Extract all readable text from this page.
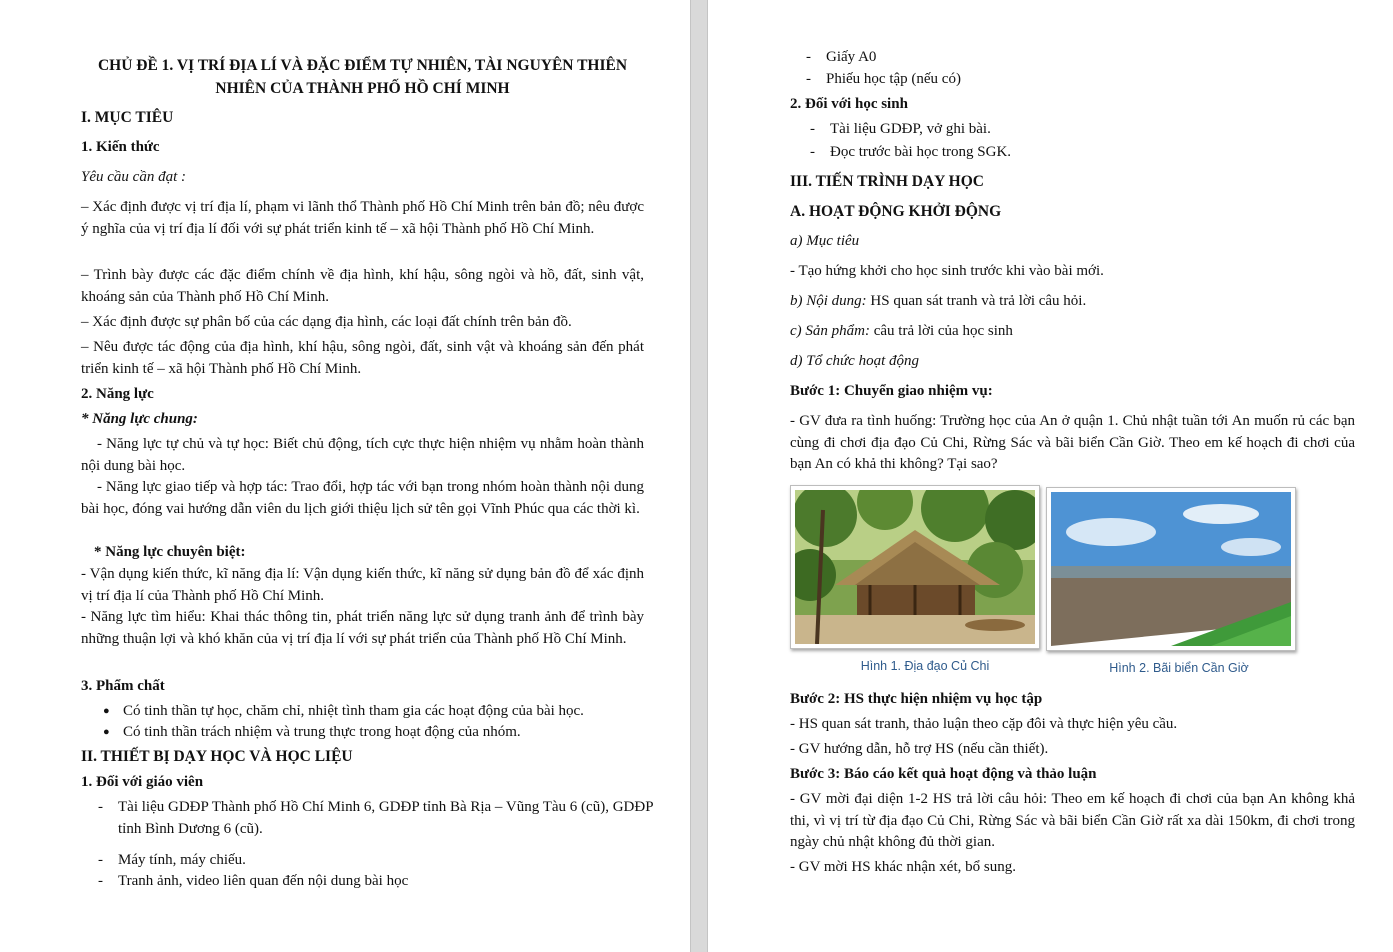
CHỦ ĐỀ 1. VỊ TRÍ ĐỊA LÍ VÀ ĐẶC ĐIỂM TỰ NHIÊN, TÀI NGUYÊN THIÊN
NHIÊN CỦA THÀNH PHỐ HỒ CHÍ MINH
I. MỤC TIÊU
1. Kiến thức
Yêu cầu cần đạt :
– Xác định được vị trí địa lí, phạm vi lãnh thổ Thành phố Hồ Chí Minh trên bản đồ; nêu được ý nghĩa của vị trí địa lí đối với sự phát triển kinh tế – xã hội Thành phố Hồ Chí Minh.
– Trình bày được các đặc điểm chính về địa hình, khí hậu, sông ngòi và hồ, đất, sinh vật, khoáng sản của Thành phố Hồ Chí Minh.
– Xác định được sự phân bố của các dạng địa hình, các loại đất chính trên bản đồ.
– Nêu được tác động của địa hình, khí hậu, sông ngòi, đất, sinh vật và khoáng sản đến phát triển kinh tế – xã hội Thành phố Hồ Chí Minh.
2. Năng lực
* Năng lực chung:
- Năng lực tự chủ và tự học: Biết chủ động, tích cực thực hiện nhiệm vụ nhằm hoàn thành nội dung bài học.
- Năng lực giao tiếp và hợp tác: Trao đổi, hợp tác với bạn trong nhóm hoàn thành nội dung bài học, đóng vai hướng dẫn viên du lịch giới thiệu lịch sử tên gọi Vĩnh Phúc qua các thời kì.
* Năng lực chuyên biệt:
- Vận dụng kiến thức, kĩ năng địa lí: Vận dụng kiến thức, kĩ năng sử dụng bản đồ để xác định vị trí địa lí của Thành phố Hồ Chí Minh.
- Năng lực tìm hiểu: Khai thác thông tin, phát triển năng lực sử dụng tranh ảnh để trình bày những thuận lợi và khó khăn của vị trí địa lí với sự phát triển của Thành phố Hồ Chí Minh.
3. Phẩm chất
● Có tinh thần tự học, chăm chỉ, nhiệt tình tham gia các hoạt động của bài học.
● Có tinh thần trách nhiệm và trung thực trong hoạt động của nhóm.
II. THIẾT BỊ DẠY HỌC VÀ HỌC LIỆU
1. Đối với giáo viên
- Tài liệu GDĐP Thành phố Hồ Chí Minh 6, GDĐP tỉnh Bà Rịa – Vũng Tàu 6 (cũ), GDĐP tỉnh Bình Dương 6 (cũ).
- Máy tính, máy chiếu.
- Tranh ảnh, video liên quan đến nội dung bài học
- Giấy A0
- Phiếu học tập (nếu có)
2. Đối với học sinh
- Tài liệu GDĐP, vở ghi bài.
- Đọc trước bài học trong SGK.
III. TIẾN TRÌNH DẠY HỌC
A. HOẠT ĐỘNG KHỞI ĐỘNG
a) Mục tiêu
- Tạo hứng khởi cho học sinh trước khi vào bài mới.
b) Nội dung: HS quan sát tranh và trả lời câu hỏi.
c) Sản phẩm: câu trả lời của học sinh
d) Tổ chức hoạt động
Bước 1: Chuyển giao nhiệm vụ:
- GV đưa ra tình huống: Trường học của An ở quận 1. Chủ nhật tuần tới An muốn rủ các bạn cùng đi chơi địa đạo Củ Chi, Rừng Sác và bãi biển Cần Giờ. Theo em kế hoạch đi chơi của bạn An có khả thi không? Tại sao?
Hình 1. Địa đạo Củ Chi	Hình 2. Bãi biển Cần Giờ
Bước 2: HS thực hiện nhiệm vụ học tập
- HS quan sát tranh, thảo luận theo cặp đôi và thực hiện yêu cầu.
- GV hướng dẫn, hỗ trợ HS (nếu cần thiết).
Bước 3: Báo cáo kết quả hoạt động và thảo luận
- GV mời đại diện 1-2 HS trả lời câu hỏi: Theo em kế hoạch đi chơi của bạn An không khả thi, vì vị trí từ địa đạo Củ Chi, Rừng Sác và bãi biển Cần Giờ rất xa dài 150km, đi chơi trong ngày chủ nhật không đủ thời gian.
- GV mời HS khác nhận xét, bổ sung.
